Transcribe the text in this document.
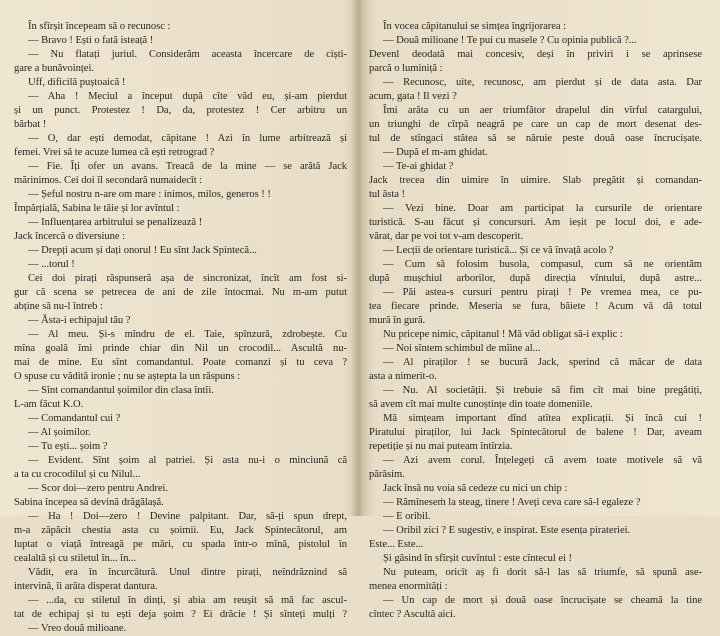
În sfîrșit începeam să o recunosc :
— Bravo ! Ești o fată isteață !
— Nu flatați juriul. Considerăm aceasta încercare de ciști-
gare a bunăvoinței.
Uff, dificilă puștoaică !
— Aha ! Meciul a început după cîte văd eu, și-am pierdut
și un punct. Protestez ! Da, da, protestez ! Cer arbitru un
bărbat !
— O, dar ești demodat, căpitane ! Azi în lume arbitrează și
femei. Vrei să te acuze lumea că ești retrograd ?
— Fie. Îți ofer un avans. Treacă de la mine — se arătă Jack
mărinimos. Cei doi îl secondară numaidecît :
— Șeful nostru n-are om mare : inimos, milos, generos ! !
Împărțială, Sabina le tăie și lor avîntul :
— Influențarea arbitrului se penalizează !
Jack încercă o diversiune :
— Drepți acum și dați onorul ! Eu sînt Jack Spintecă...
— ...torul !
Cei doi pirați răspunseră așa de sincronizat, încît am fost si-
gur că scena se petrecea de ani de zile întocmai. Nu m-am putut
abține să nu-l întreb :
— Ăsta-i echipajul tău ?
— Al meu. Și-s mîndru de el. Taie, spînzură, zdrobește. Cu
mîna goală îmi prinde chiar din Nil un crocodil... Ascultă nu-
mai de mine. Eu sînt comandantul. Poate comanzi și tu ceva ?
O spuse cu vădită ironie ; nu se aștepta la un răspuns :
— Sînt comandantul șoimilor din clasa întîi.
L-am făcut K.O.
— Comandantul cui ?
— Al șoimilor.
— Tu ești... șoim ?
— Evident. Sînt șoim al patriei. Și asta nu-i o minciună că
a ta cu crocodilul și cu Nilul...
— Scor doi—zero pentru Andrei.
Sabina începea să devină drăgălașă.
— Ha ! Doi—zero ! Devine palpitant. Dar, să-ți spun drept,
m-a zăpăcit chestia asta cu șoimii. Eu, Jack Spintecătorul, am
luptat o viață întreagă pe mări, cu spada într-o mînă, pistolul în
cealaltă și cu stiletul în... în...
Vădit, era în încurcătură. Unul dintre pirați, neîndrăznind să
intervină, îi arăta disperat dantura.
— ...da, cu stiletul în dinți, și abia am reușit să mă fac ascul-
tat de echipaj și tu ești deja șoim ? Ei drăcie ! Și sînteți mulți ?
— Vreo două milioane.
În vocea căpitanului se simțea îngrijorarea :
— Două milioane ! Te pui cu masele ? Cu opinia publică ?...
Devenl deodată mai concesiv, deși în priviri i se aprinsese
parcă o luminiță :
— Recunosc, uite, recunosc, am pierdut și de data asta. Dar
acum, gata ! Il vezi ?
Îmi arăta cu un aer triumfător drapelul din vîrful catargului,
un triunghi de cîrpă neagră pe care un cap de mort desenat des-
tul de stîngaci stătea să se năruie peste două oase încrucișate.
— După el m-am ghidat.
— Te-ai ghidat ?
Jack trecea din uimire în uimire. Slab pregătit și comandan-
tul ăsta !
— Vezi bine. Doar am participat la cursurile de orientare
turistică. S-au făcut și concursuri. Am ieșit pe locul doi, e ade-
vărat, dar pe voi tot v-am descoperit.
— Lecții de orientare turistică... Și ce vă învață acolo ?
— Cum să folosim busola, compasul, cum să ne orientăm
după mușchiul arborilor, după direcția vîntului, după astre...
— Păi astea-s cursuri pentru pirați ! Pe vremea mea, ce pu-
tea fiecare prinde. Meseria se fura, băiete ! Acum vă dă totul
mură în gură.
Nu pricepe nimic, căpitanul ! Mă văd obligat să-i explic :
— Noi sîntem schimbul de mîine al...
— Al piraților ! se bucură Jack, sperind că măcar de data
asta a nimerit-o.
— Nu. Al societății. Și trebuie să fim cît mai bine pregătiți,
să avem cît mai multe cunoștințe din toate domeniile.
Mă simțeam important dînd atîtea explicații. Și încă cui !
Piratului piraților, lui Jack Spintecătorul de balene ! Dar, aveam
repetiție și nu mai puteam întîrzia.
— Azi avem corul. Înțelegeți că avem toate motivele să vă
părăsim.
Jack însă nu voia să cedeze cu nici un chip :
— Rămîneseṁ la steag, tinere ! Aveți ceva care să-l egaleze ?
— E oribil.
— Oribil zici ? E sugestiv, e inspirat. Este esența pirateriei.
Este... Este...
Și găsind în sfîrșit cuvîntul : este cîntecul ei !
Nu puteam, oricît aș fi dorit să-l las să triumfe, să spună ase-
menea enormități :
— Un cap de mort și două oase încrucișate se cheamă la tine
cîntec ? Ascultă aici.
